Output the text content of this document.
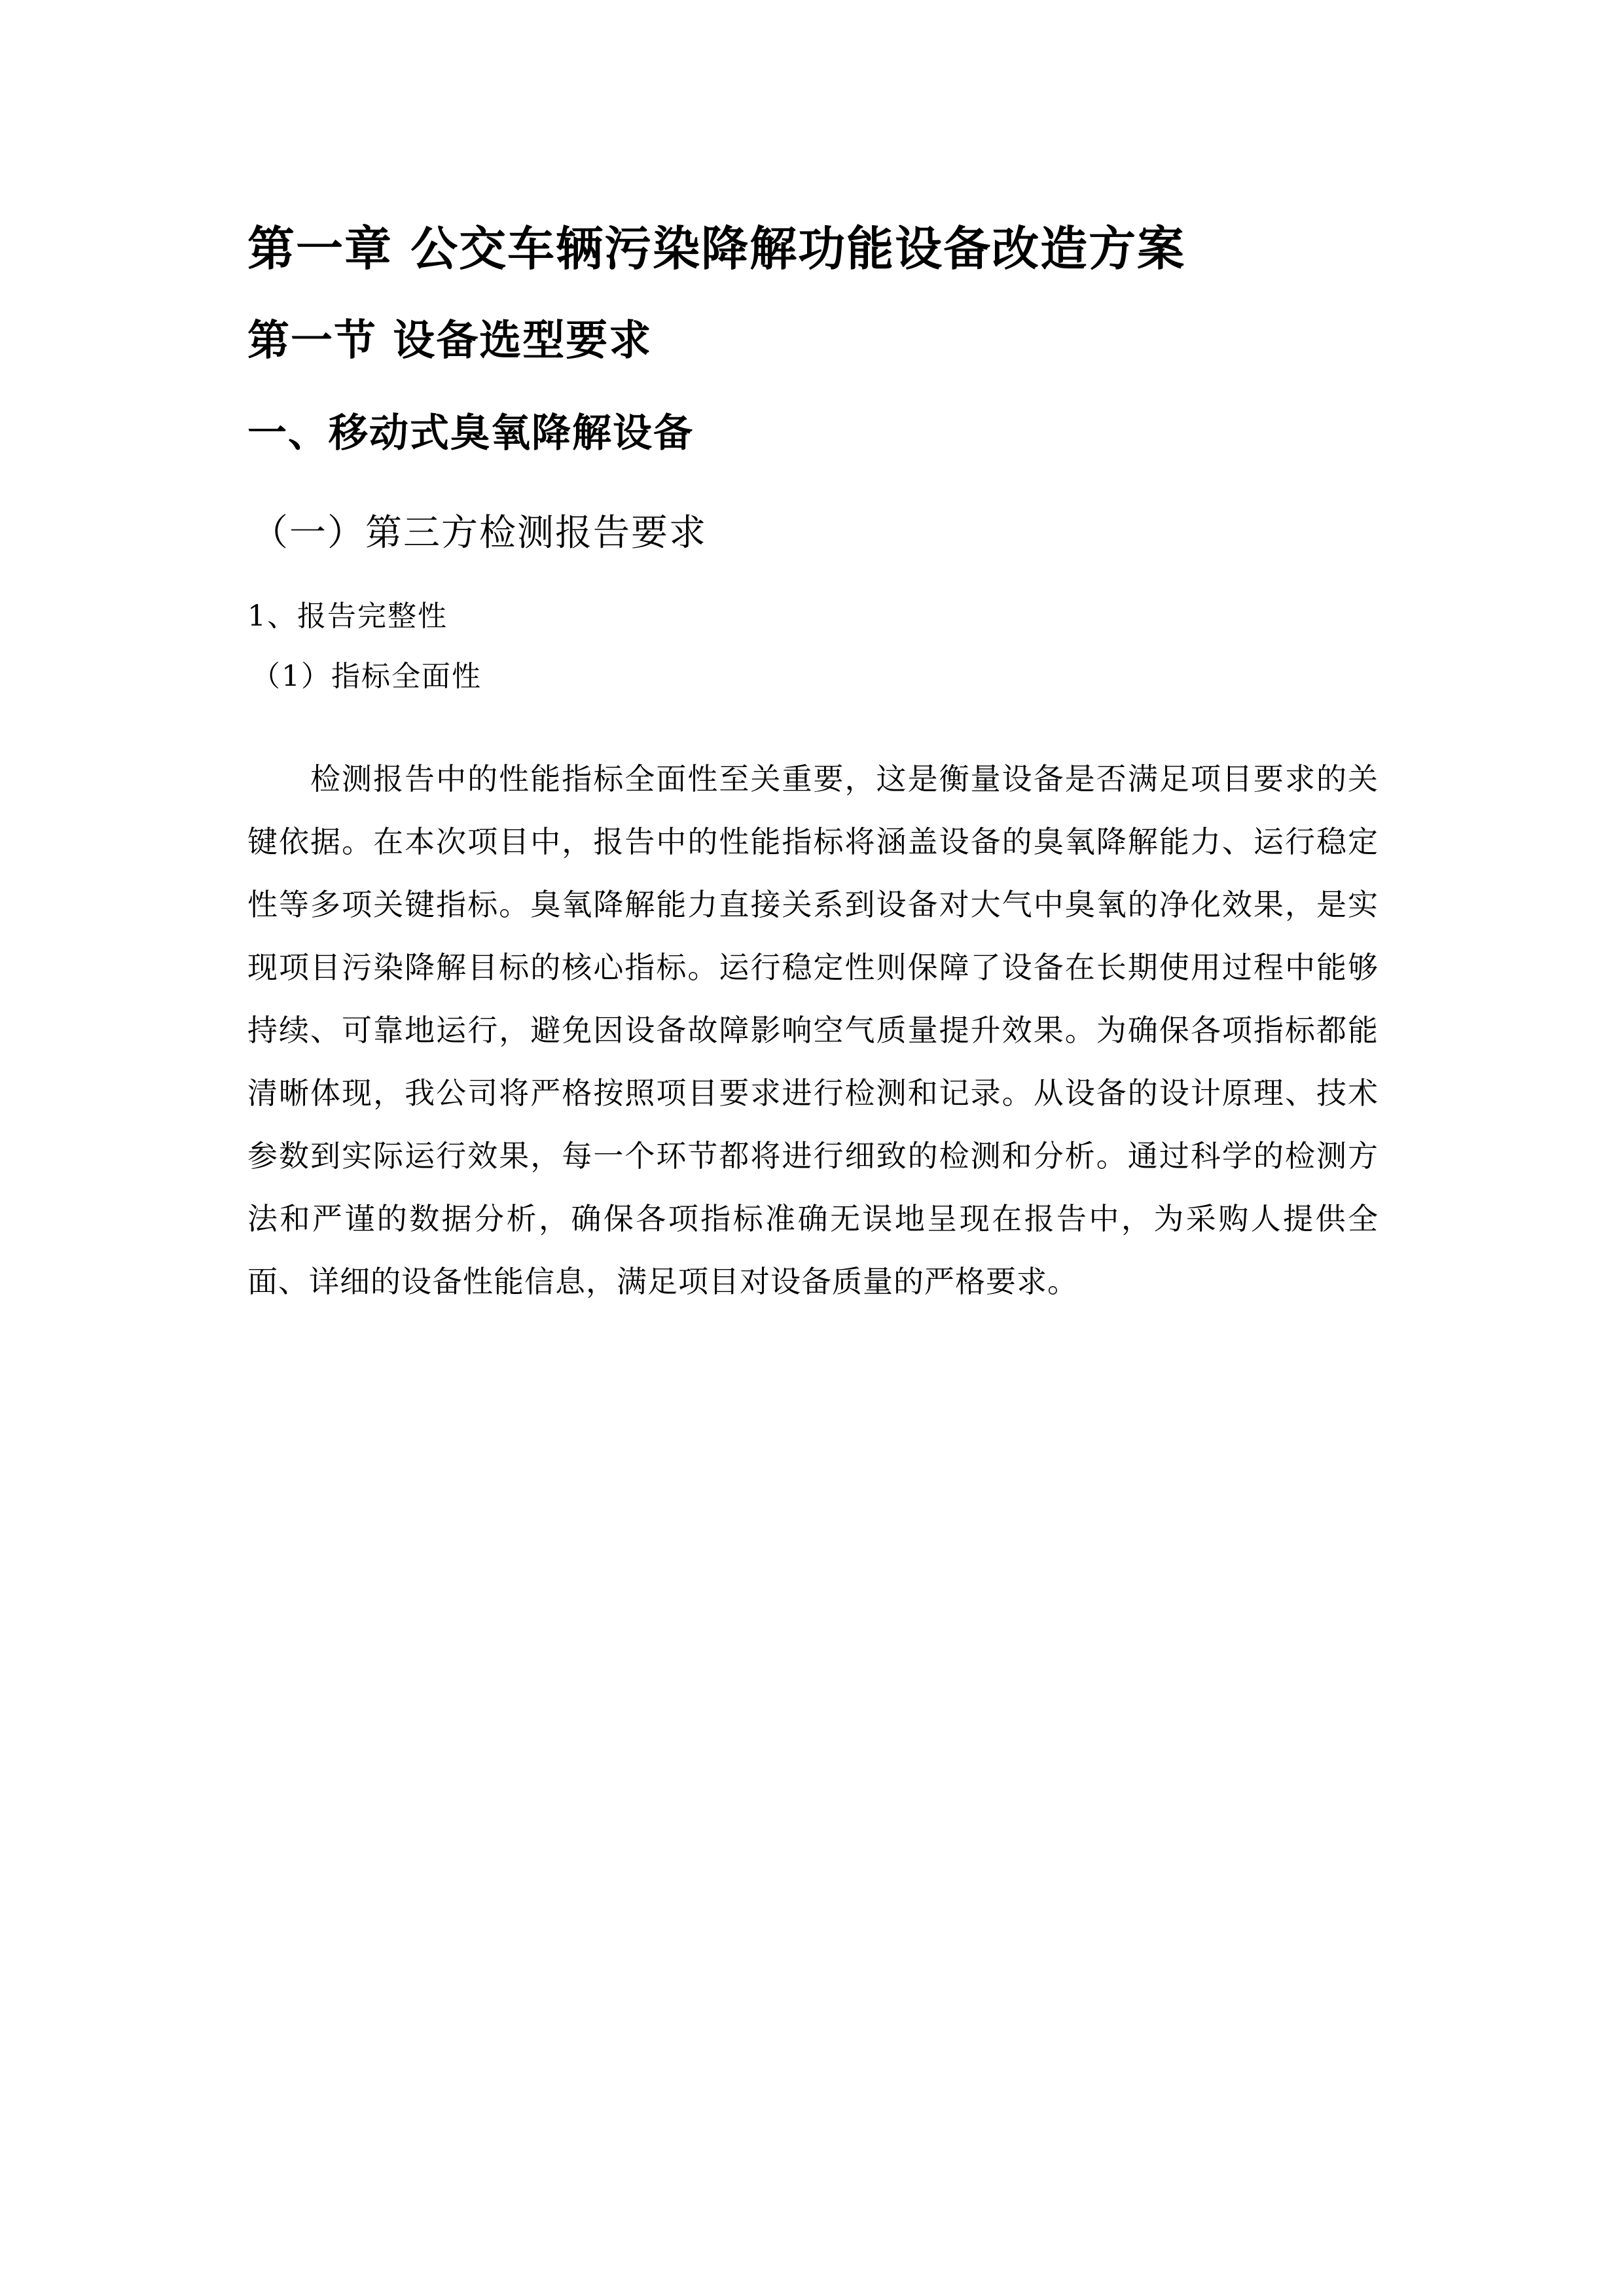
第一章 公交车辆污染降解功能设备改造方案
第一节 设备选型要求
一、移动式臭氧降解设备
（一）第三方检测报告要求
1、报告完整性
（1）指标全面性

检测报告中的性能指标全面性至关重要，这是衡量设备是否满足项目要求的关键依据。在本次项目中，报告中的性能指标将涵盖设备的臭氧降解能力、运行稳定性等多项关键指标。臭氧降解能力直接关系到设备对大气中臭氧的净化效果，是实现项目污染降解目标的核心指标。运行稳定性则保障了设备在长期使用过程中能够持续、可靠地运行，避免因设备故障影响空气质量提升效果。为确保各项指标都能清晰体现，我公司将严格按照项目要求进行检测和记录。从设备的设计原理、技术参数到实际运行效果，每一个环节都将进行细致的检测和分析。通过科学的检测方法和严谨的数据分析，确保各项指标准确无误地呈现在报告中，为采购人提供全面、详细的设备性能信息，满足项目对设备质量的严格要求。
